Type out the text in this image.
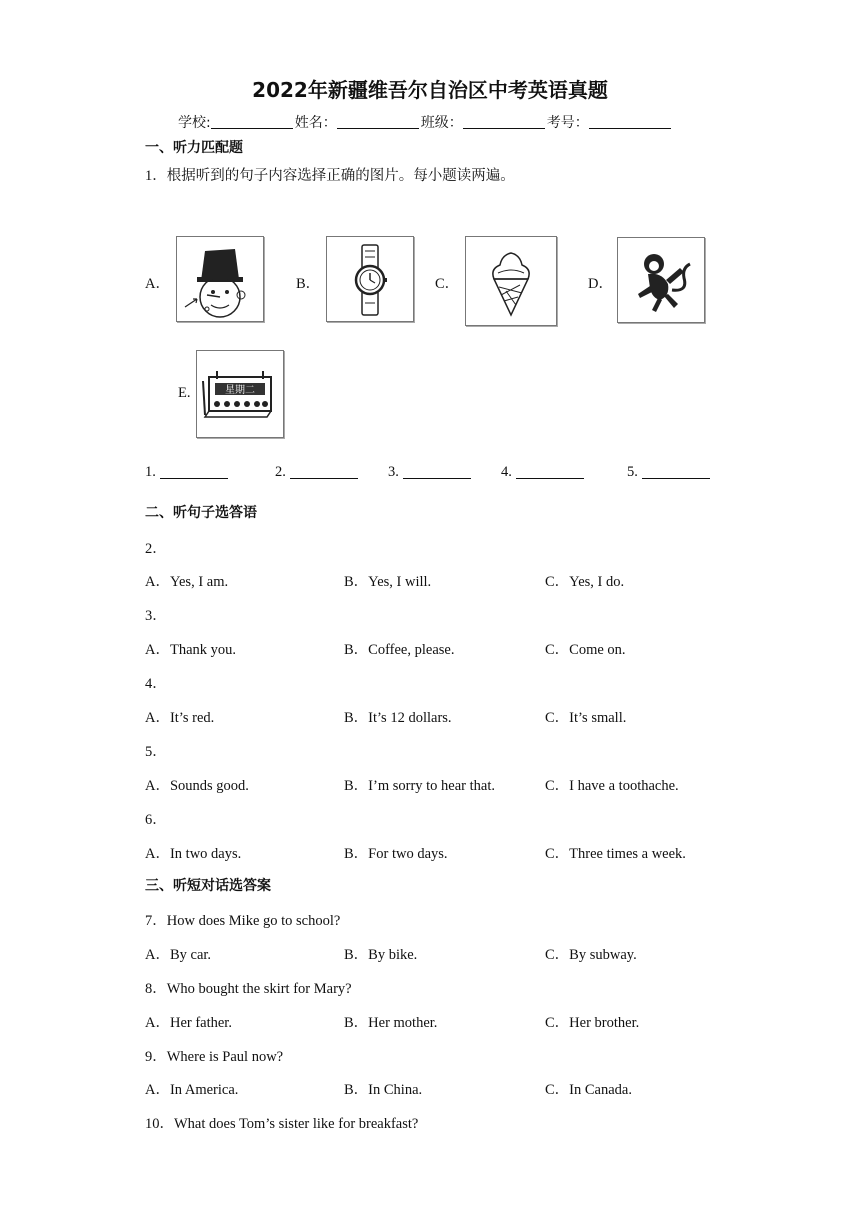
2022年新疆维吾尔自治区中考英语真题
学校:	姓名：	班级：	考号：
一、听力匹配题
1．根据听到的句子内容选择正确的图片。每小题读两遍。
A．	B．	C．	D．
E.	星期二
1.	2.	3.	4.	5.
二、听句子选答语
2．
A．Yes, I am.	B．Yes, I will.	C．Yes, I do.
3．
A．Thank you.	B．Coffee, please.	C．Come on.
4．
A．It’s red.	B．It’s 12 dollars.	C．It’s small.
5．
A．Sounds good.	B．I’m sorry to hear that.	C．I have a toothache.
6．
A．In two days.	B．For two days.	C．Three times a week.
三、听短对话选答案
7．How does Mike go to school?
A．By car.	B．By bike.	C．By subway.
8．Who bought the skirt for Mary?
A．Her father.	B．Her mother.	C．Her brother.
9．Where is Paul now?
A．In America.	B．In China.	C．In Canada.
10．What does Tom’s sister like for breakfast?
